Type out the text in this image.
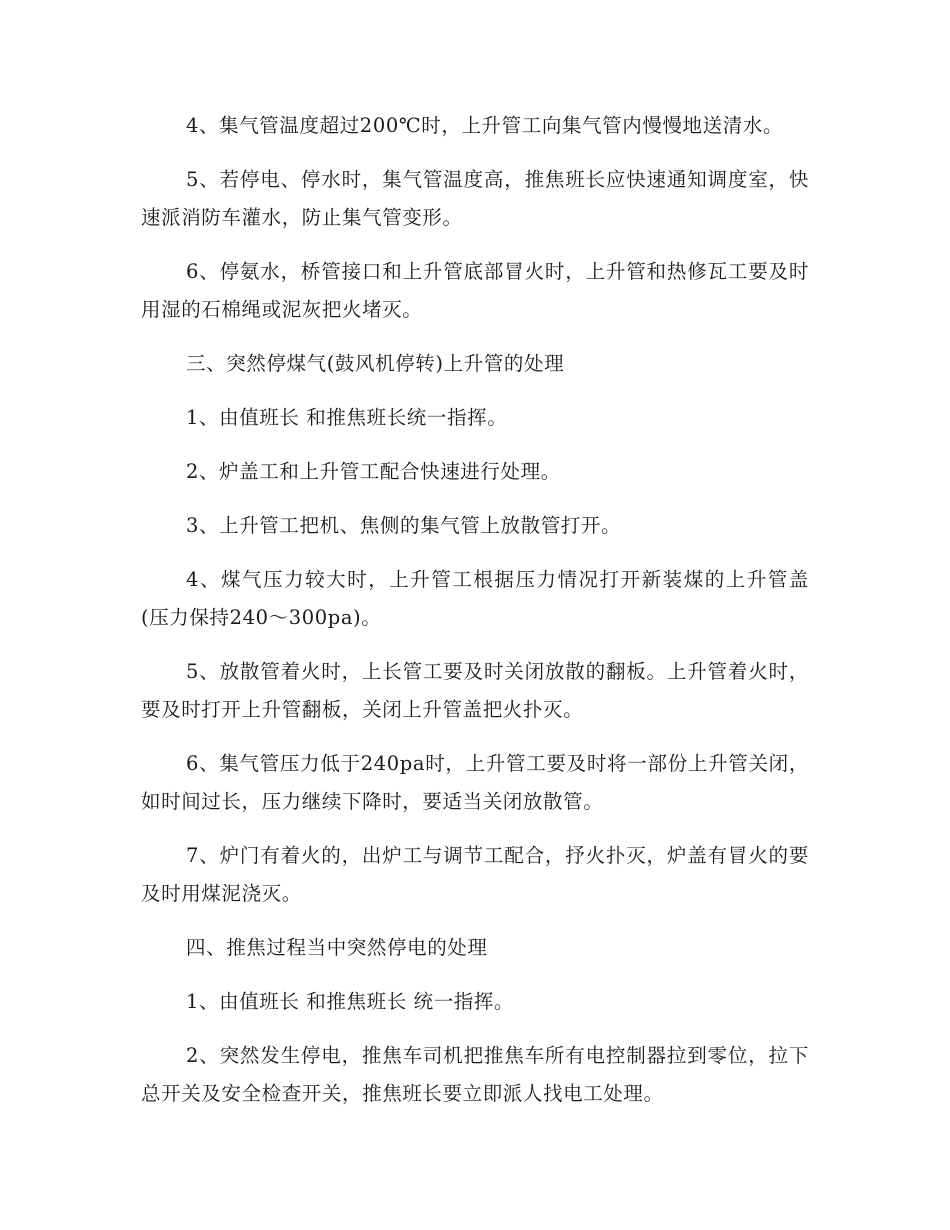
4、集气管温度超过200℃时，上升管工向集气管内慢慢地送清水。

5、若停电、停水时，集气管温度高，推焦班长应快速通知调度室，快速派消防车灌水，防止集气管变形。

6、停氨水，桥管接口和上升管底部冒火时，上升管和热修瓦工要及时用湿的石棉绳或泥灰把火堵灭。

三、突然停煤气(鼓风机停转)上升管的处理

1、由值班长 和推焦班长统一指挥。

2、炉盖工和上升管工配合快速进行处理。

3、上升管工把机、焦侧的集气管上放散管打开。

4、煤气压力较大时，上升管工根据压力情况打开新装煤的上升管盖(压力保持240～300pa)。

5、放散管着火时，上长管工要及时关闭放散的翻板。上升管着火时，要及时打开上升管翻板，关闭上升管盖把火扑灭。

6、集气管压力低于240pa时，上升管工要及时将一部份上升管关闭，如时间过长，压力继续下降时，要适当关闭放散管。

7、炉门有着火的，出炉工与调节工配合，抒火扑灭，炉盖有冒火的要及时用煤泥浇灭。

四、推焦过程当中突然停电的处理

1、由值班长 和推焦班长 统一指挥。

2、突然发生停电，推焦车司机把推焦车所有电控制器拉到零位，拉下总开关及安全检查开关，推焦班长要立即派人找电工处理。
